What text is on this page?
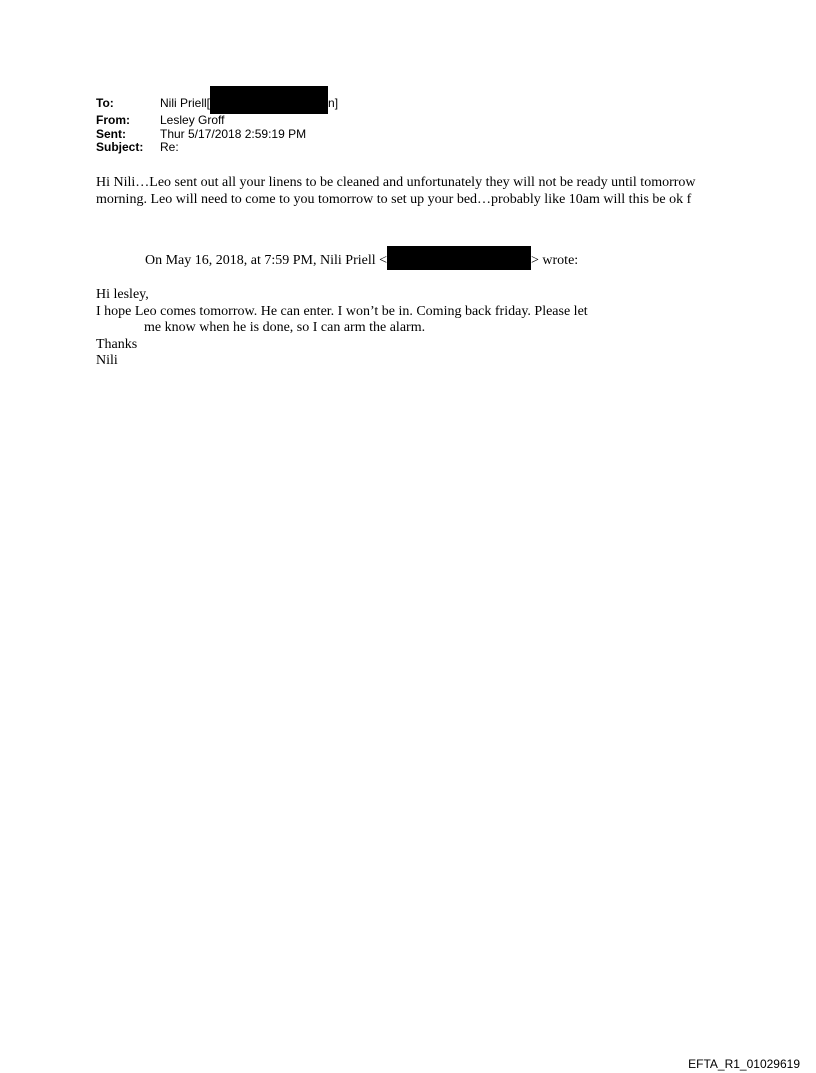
To:	Nili Priell[	n]
From:	Lesley Groff
Sent:	Thur 5/17/2018 2:59:19 PM
Subject:	Re:
Hi Nili…Leo sent out all your linens to be cleaned and unfortunately they will not be ready until tomorrow morning. Leo will need to come to you tomorrow to set up your bed…probably like 10am will this be ok f
On May 16, 2018, at 7:59 PM, Nili Priell <	> wrote:
Hi lesley,
I hope Leo comes tomorrow. He can enter. I won’t be in. Coming back friday. Please let
me know when he is done, so I can arm the alarm.
Thanks
Nili
EFTA_R1_01029619
